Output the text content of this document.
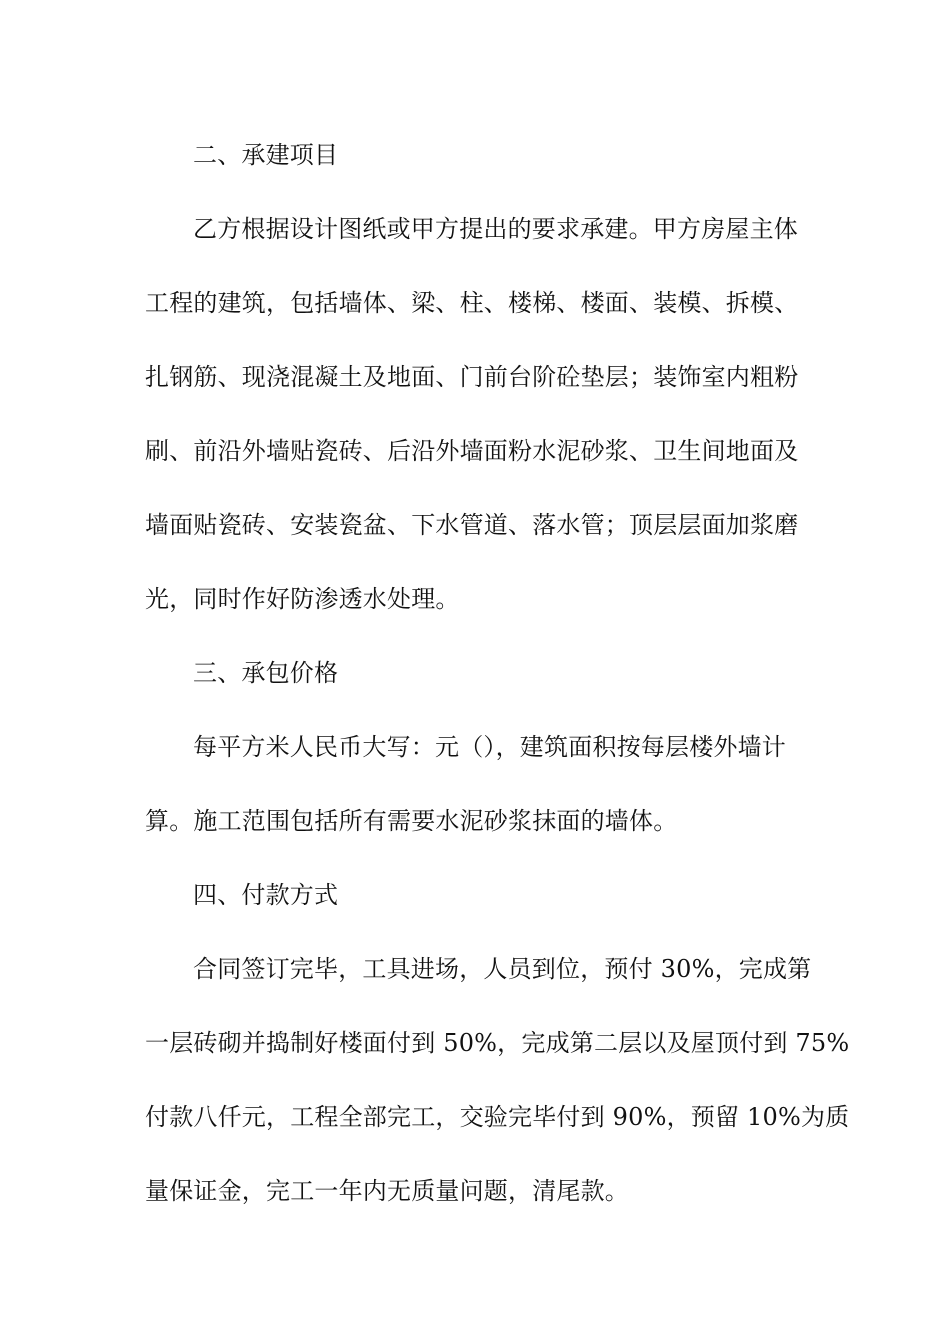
二、承建项目
乙方根据设计图纸或甲方提出的要求承建。甲方房屋主体
工程的建筑，包括墙体、梁、柱、楼梯、楼面、装模、拆模、
扎钢筋、现浇混凝土及地面、门前台阶砼垫层；装饰室内粗粉
刷、前沿外墙贴瓷砖、后沿外墙面粉水泥砂浆、卫生间地面及
墙面贴瓷砖、安装瓷盆、下水管道、落水管；顶层层面加浆磨
光，同时作好防渗透水处理。
三、承包价格
每平方米人民币大写：元（），建筑面积按每层楼外墙计
算。施工范围包括所有需要水泥砂浆抹面的墙体。
四、付款方式
合同签订完毕，工具进场，人员到位，预付 30%，完成第
一层砖砌并捣制好楼面付到 50%，完成第二层以及屋顶付到 75%
付款八仟元，工程全部完工，交验完毕付到 90%，预留 10%为质
量保证金，完工一年内无质量问题，清尾款。
